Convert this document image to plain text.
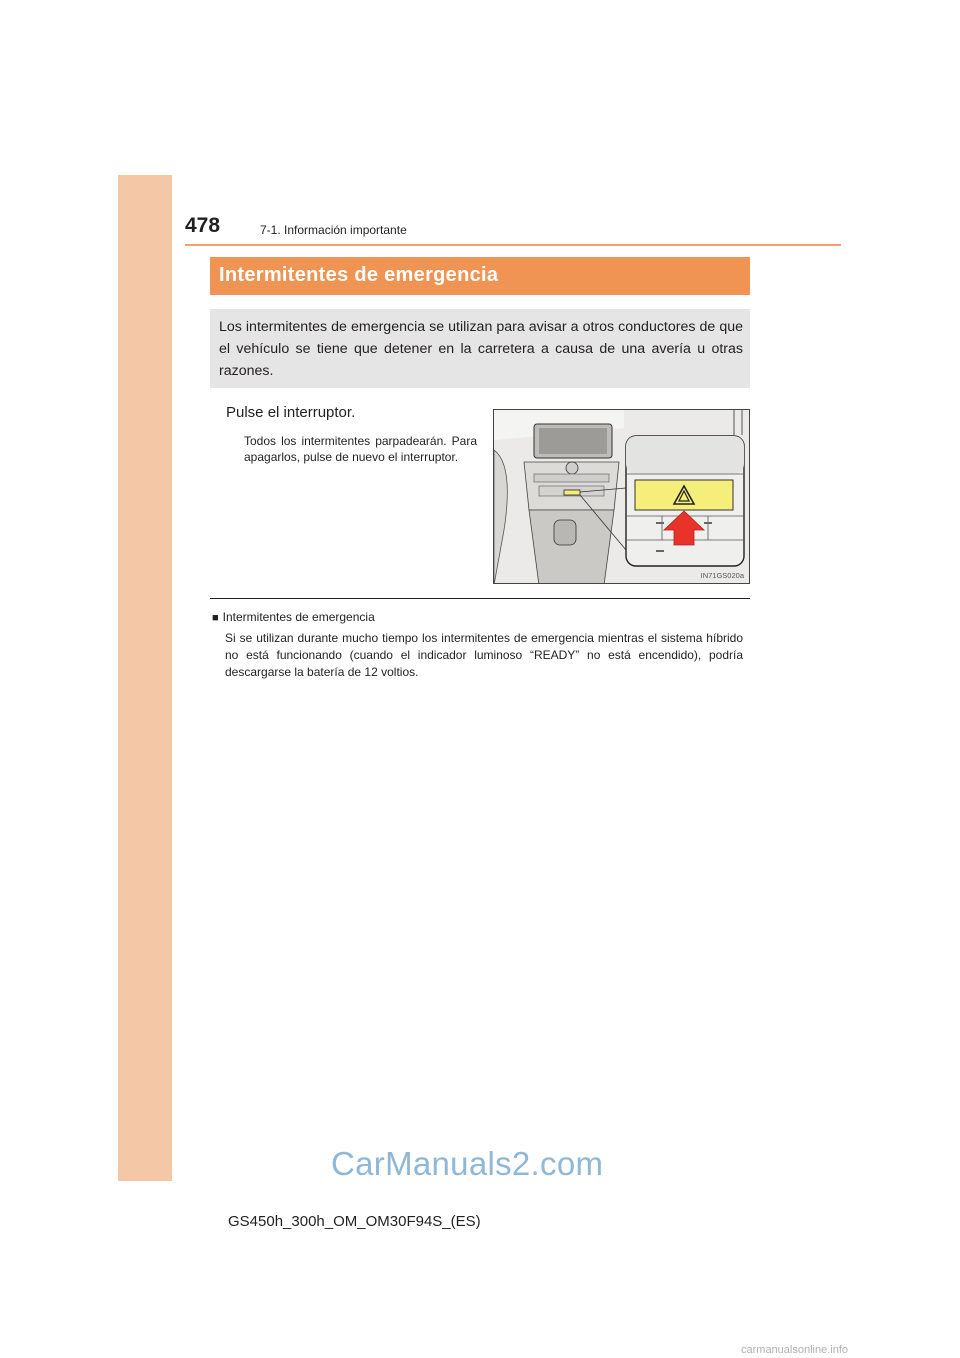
478	7-1. Información importante
Intermitentes de emergencia
Los intermitentes de emergencia se utilizan para avisar a otros conductores de que el vehículo se tiene que detener en la carretera a causa de una avería u otras razones.
Pulse el interruptor.
Todos los intermitentes parpadearán. Para apagarlos, pulse de nuevo el interruptor.
IN71GS020a
■ Intermitentes de emergencia
Si se utilizan durante mucho tiempo los intermitentes de emergencia mientras el sistema híbrido no está funcionando (cuando el indicador luminoso “READY” no está encendido), podría descargarse la batería de 12 voltios.
CarManuals2.com
carmanualsonline.info
GS450h_300h_OM_OM30F94S_(ES)
